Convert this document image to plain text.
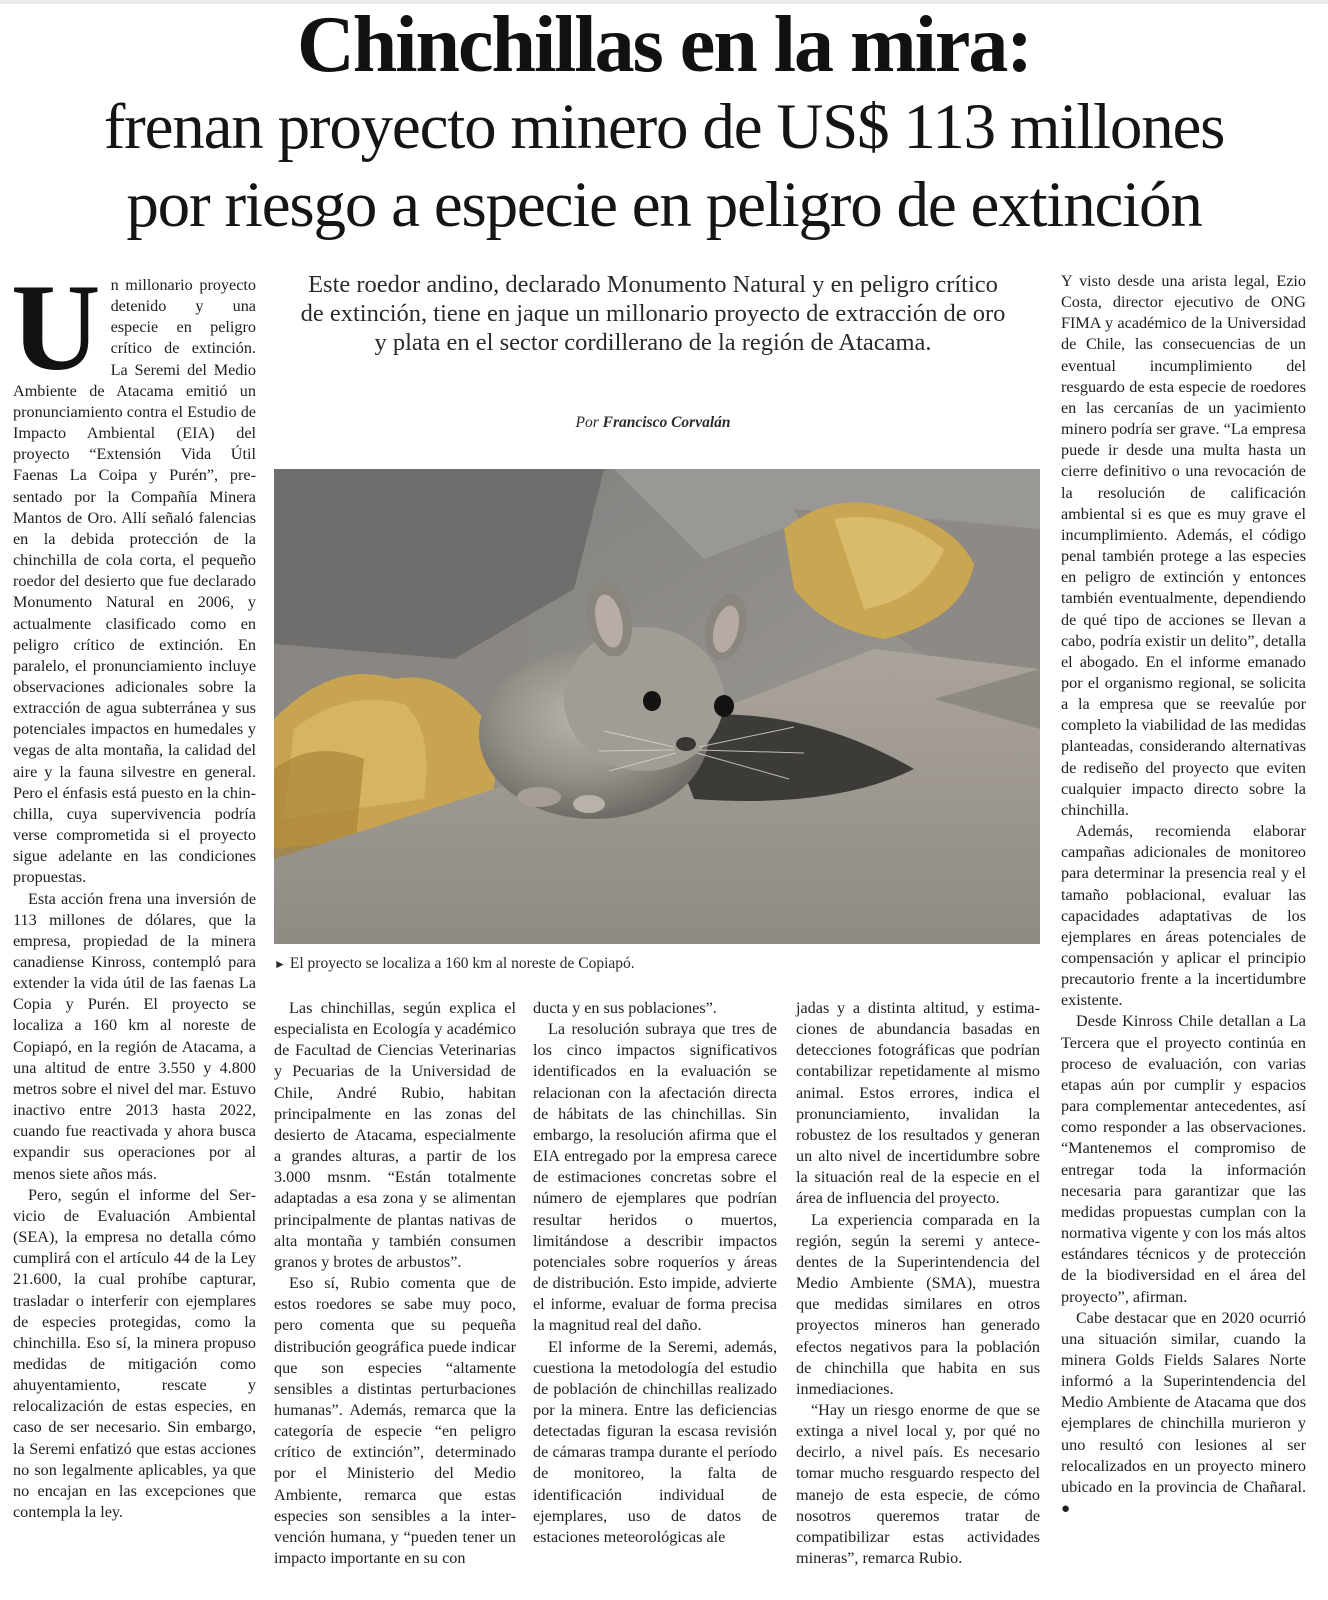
Chinchillas en la mira:
frenan proyecto minero de US$ 113 millones
por riesgo a especie en peligro de extinción

Un millonario proyecto detenido y una especie en peligro crítico de extinción. La Seremi del Medio Ambiente de Atacama emitió un pronunciamiento contra el Estudio de Impacto Ambiental (EIA) del proyecto “Extensión Vida Útil Faenas La Coipa y Purén”, presentado por la Compañía Minera Mantos de Oro. Allí señaló falencias en la debida protección de la chinchilla de cola corta, el pequeño roedor del desierto que fue declarado Monumento Natural en 2006, y actualmente clasificado como en peligro crítico de extinción. En paralelo, el pronunciamiento incluye observaciones adicionales sobre la extracción de agua subterránea y sus potenciales impactos en humedales y vegas de alta montaña, la calidad del aire y la fauna silvestre en general. Pero el énfasis está puesto en la chinchilla, cuya supervivencia podría verse comprometida si el proyecto sigue adelante en las condiciones propuestas.

Esta acción frena una inversión de 113 millones de dólares, que la empresa, propiedad de la minera canadiense Kinross, contempló para extender la vida útil de las faenas La Copia y Purén. El proyecto se localiza a 160 km al noreste de Copiapó, en la región de Atacama, a una altitud de entre 3.550 y 4.800 metros sobre el nivel del mar. Estuvo inactivo entre 2013 hasta 2022, cuando fue reactivada y ahora busca expandir sus operaciones por al menos siete años más.

Pero, según el informe del Servicio de Evaluación Ambiental (SEA), la empresa no detalla cómo cumplirá con el artículo 44 de la Ley 21.600, la cual prohíbe capturar, trasladar o interferir con ejemplares de especies protegidas, como la chinchilla. Eso sí, la minera propuso medidas de mitigación como ahuyentamiento, rescate y relocalización de estas especies, en caso de ser necesario. Sin embargo, la Seremi enfatizó que estas acciones no son legalmente aplicables, ya que no encajan en las excepciones que contempla la ley.

Este roedor andino, declarado Monumento Natural y en peligro crítico de extinción, tiene en jaque un millonario proyecto de extracción de oro y plata en el sector cordillerano de la región de Atacama.
Por Francisco Corvalán
► El proyecto se localiza a 160 km al noreste de Copiapó.

Las chinchillas, según explica el especialista en Ecología y académico de Facultad de Ciencias Veterinarias y Pecuarias de la Universidad de Chile, André Rubio, habitan principalmente en las zonas del desierto de Atacama, especialmente a grandes alturas, a partir de los 3.000 msnm. “Están totalmente adaptadas a esa zona y se alimentan principalmente de plantas nativas de alta montaña y también consumen granos y brotes de arbustos”.

Eso sí, Rubio comenta que de estos roedores se sabe muy poco, pero comenta que su pequeña distribución geográfica puede indicar que son especies “altamente sensibles a distintas perturbaciones humanas”. Además, remarca que la categoría de especie “en peligro crítico de extinción”, determinado por el Ministerio del Medio Ambiente, remarca que estas especies son sensibles a la intervención humana, y “pueden tener un impacto importante en su con

ducta y en sus poblaciones”.

La resolución subraya que tres de los cinco impactos significativos identificados en la evaluación se relacionan con la afectación directa de hábitats de las chinchillas. Sin embargo, la resolución afirma que el EIA entregado por la empresa carece de estimaciones concretas sobre el número de ejemplares que podrían resultar heridos o muertos, limitándose a describir impactos potenciales sobre roqueríos y áreas de distribución. Esto impide, advierte el informe, evaluar de forma precisa la magnitud real del daño.

El informe de la Seremi, además, cuestiona la metodología del estudio de población de chinchillas realizado por la minera. Entre las deficiencias detectadas figuran la escasa revisión de cámaras trampa durante el período de monitoreo, la falta de identificación individual de ejemplares, uso de datos de estaciones meteorológicas ale

jadas y a distinta altitud, y estimaciones de abundancia basadas en detecciones fotográficas que podrían contabilizar repetidamente al mismo animal. Estos errores, indica el pronunciamiento, invalidan la robustez de los resultados y generan un alto nivel de incertidumbre sobre la situación real de la especie en el área de influencia del proyecto.

La experiencia comparada en la región, según la seremi y antecedentes de la Superintendencia del Medio Ambiente (SMA), muestra que medidas similares en otros proyectos mineros han generado efectos negativos para la población de chinchilla que habita en sus inmediaciones.

“Hay un riesgo enorme de que se extinga a nivel local y, por qué no decirlo, a nivel país. Es necesario tomar mucho resguardo respecto del manejo de esta especie, de cómo nosotros queremos tratar de compatibilizar estas actividades mineras”, remarca Rubio.

Y visto desde una arista legal, Ezio Costa, director ejecutivo de ONG FIMA y académico de la Universidad de Chile, las consecuencias de un eventual incumplimiento del resguardo de esta especie de roedores en las cercanías de un yacimiento minero podría ser grave. “La empresa puede ir desde una multa hasta un cierre definitivo o una revocación de la resolución de calificación ambiental si es que es muy grave el incumplimiento. Además, el código penal también protege a las especies en peligro de extinción y entonces también eventualmente, dependiendo de qué tipo de acciones se llevan a cabo, podría existir un delito”, detalla el abogado. En el informe emanado por el organismo regional, se solicita a la empresa que se reevalúe por completo la viabilidad de las medidas planteadas, considerando alternativas de rediseño del proyecto que eviten cualquier impacto directo sobre la chinchilla.

Además, recomienda elaborar campañas adicionales de monitoreo para determinar la presencia real y el tamaño poblacional, evaluar las capacidades adaptativas de los ejemplares en áreas potenciales de compensación y aplicar el principio precautorio frente a la incertidumbre existente.

Desde Kinross Chile detallan a La Tercera que el proyecto continúa en proceso de evaluación, con varias etapas aún por cumplir y espacios para complementar antecedentes, así como responder a las observaciones. “Mantenemos el compromiso de entregar toda la información necesaria para garantizar que las medidas propuestas cumplan con la normativa vigente y con los más altos estándares técnicos y de protección de la biodiversidad en el área del proyecto”, afirman.

Cabe destacar que en 2020 ocurrió una situación similar, cuando la minera Golds Fields Salares Norte informó a la Superintendencia del Medio Ambiente de Atacama que dos ejemplares de chinchilla murieron y uno resultó con lesiones al ser relocalizados en un proyecto minero ubicado en la provincia de Chañaral. ●
